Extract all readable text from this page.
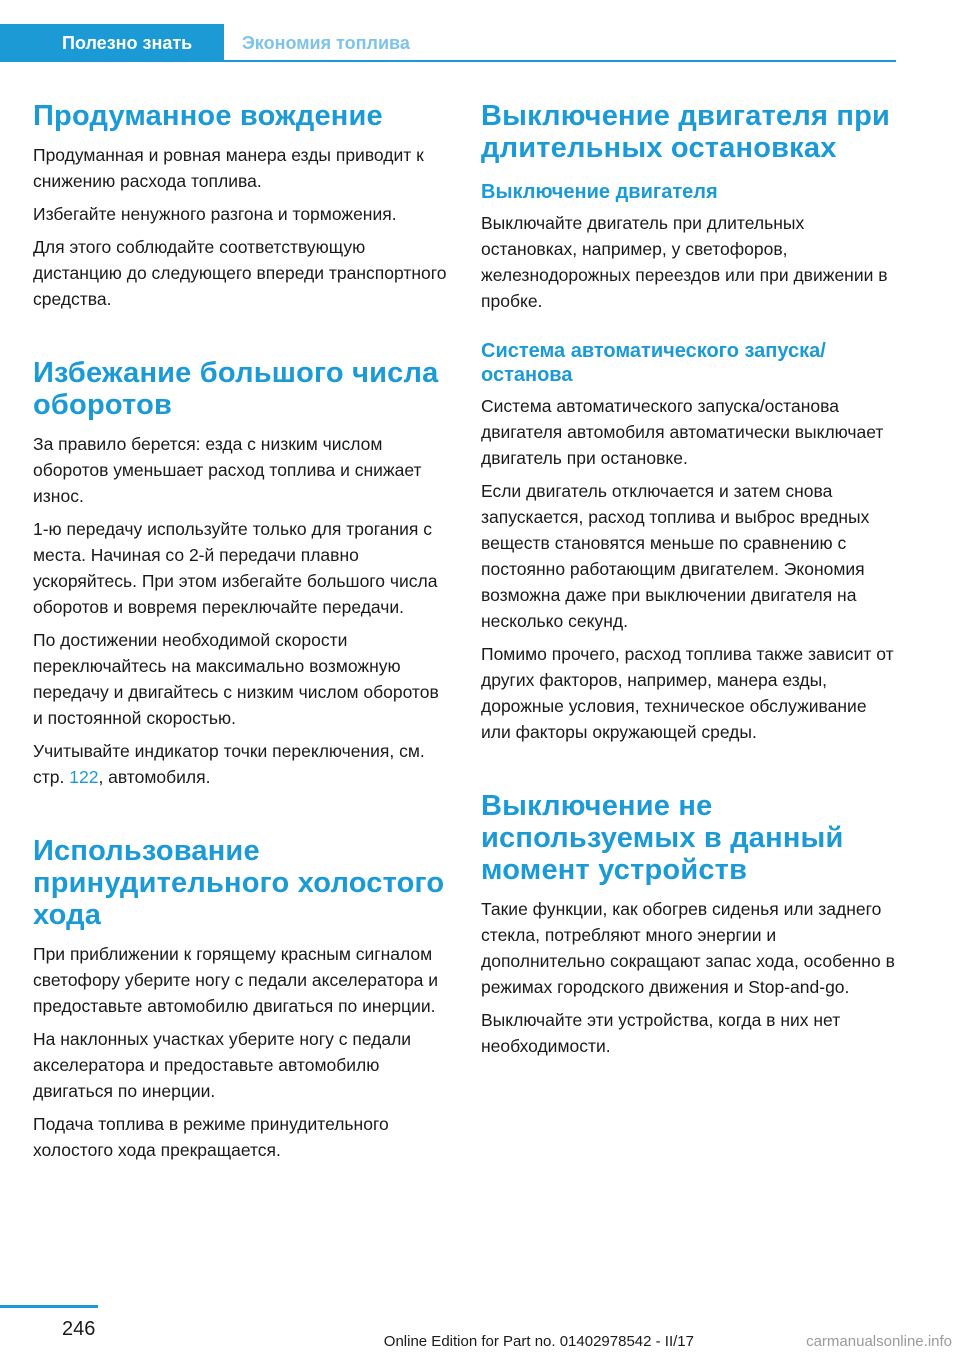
Полезно знать	Экономия топлива
Продуманное вождение

Продуманная и ровная манера езды приводит к снижению расхода топлива.

Избегайте ненужного разгона и торможения.

Для этого соблюдайте соответствующую дистанцию до следующего впереди транспортного средства.

Избежание большого числа оборотов

За правило берется: езда с низким числом оборотов уменьшает расход топлива и снижает износ.

1-ю передачу используйте только для трогания с места. Начиная со 2-й передачи плавно ускоряйтесь. При этом избегайте большого числа оборотов и вовремя переключайте передачи.

По достижении необходимой скорости переключайтесь на максимально возможную передачу и двигайтесь с низким числом оборотов и постоянной скоростью.

Учитывайте индикатор точки переключения, см. стр. 122, автомобиля.

Использование принудительного холостого хода

При приближении к горящему красным сигналом светофору уберите ногу с педали акселератора и предоставьте автомобилю двигаться по инерции.

На наклонных участках уберите ногу с педали акселератора и предоставьте автомобилю двигаться по инерции.

Подача топлива в режиме принудительного холостого хода прекращается.

Выключение двигателя при длительных остановках
Выключение двигателя

Выключайте двигатель при длительных остановках, например, у светофоров, железнодорожных переездов или при движении в пробке.

Система автоматического запуска/останова

Система автоматического запуска/останова двигателя автомобиля автоматически выключает двигатель при остановке.

Если двигатель отключается и затем снова запускается, расход топлива и выброс вредных веществ становятся меньше по сравнению с постоянно работающим двигателем. Экономия возможна даже при выключении двигателя на несколько секунд.

Помимо прочего, расход топлива также зависит от других факторов, например, манера езды, дорожные условия, техническое обслуживание или факторы окружающей среды.

Выключение не используемых в данный момент устройств

Такие функции, как обогрев сиденья или заднего стекла, потребляют много энергии и дополнительно сокращают запас хода, особенно в режимах городского движения и Stop-and-go.

Выключайте эти устройства, когда в них нет необходимости.

246
Online Edition for Part no. 01402978542 - II/17	carmanualsonline.info
